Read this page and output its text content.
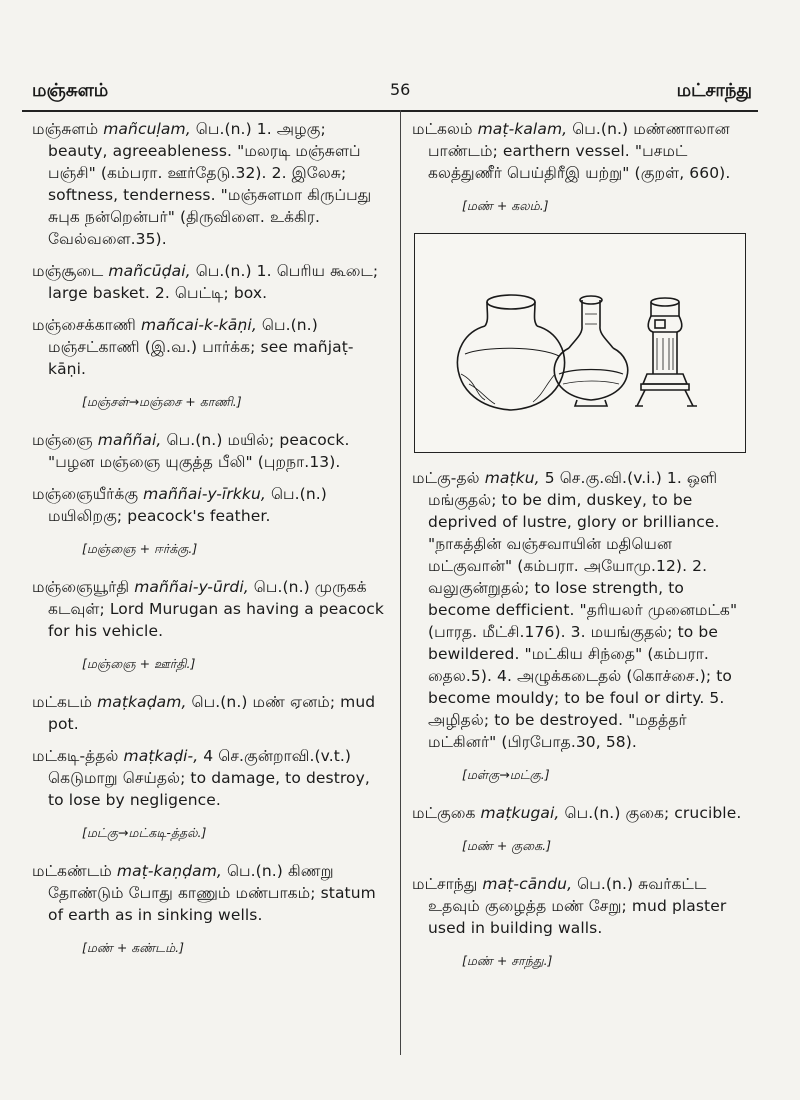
மஞ்சுளம்	56	மட்சாந்து

மஞ்சுளம் mañcuḷam, பெ.(n.) 1. அழகு; beauty, agreeableness. "மலரடி மஞ்சுளப் பஞ்சி" (கம்பரா. ஊர்தேடு.32). 2. இலேசு; softness, tenderness. "மஞ்சுளமா கிருப்பது சுபுக நன்றென்பர்" (திருவிளை. உக்கிர. வேல்வளை.35).

மஞ்சூடை mañcūḍai, பெ.(n.) 1. பெரிய கூடை; large basket. 2. பெட்டி; box.

மஞ்சைக்காணி mañcai-k-kāṇi, பெ.(n.) மஞ்சட்காணி (இ.வ.) பார்க்க; see mañjaṭ-kāṇi.

[மஞ்சள்→மஞ்சை + காணி.]

மஞ்ஞை maññai, பெ.(n.) மயில்; peacock. "பழன மஞ்ஞை யுகுத்த பீலி" (புறநா.13).

மஞ்ஞையீர்க்கு maññai-y-īrkku, பெ.(n.) மயிலிறகு; peacock's feather.

[மஞ்ஞை + ஈர்க்கு.]

மஞ்ஞையூர்தி maññai-y-ūrdi, பெ.(n.) முருகக் கடவுள்; Lord Murugan as having a peacock for his vehicle.

[மஞ்ஞை + ஊர்தி.]

மட்கடம் maṭkaḍam, பெ.(n.) மண் ஏனம்; mud pot.

மட்கடி-த்தல் maṭkaḍi-, 4 செ.குன்றாவி.(v.t.) கெடுமாறு செய்தல்; to damage, to destroy, to lose by negligence.

[மட்கு→மட்கடி-த்தல்.]

மட்கண்டம் maṭ-kaṇḍam, பெ.(n.) கிணறு தோண்டும் போது காணும் மண்பாகம்; statum of earth as in sinking wells.

[மண் + கண்டம்.]

மட்கலம் maṭ-kalam, பெ.(n.) மண்ணாலான பாண்டம்; earthern vessel. "பசமட் கலத்துணீர் பெய்திரீஇ யற்று" (குறள், 660).

[மண் + கலம்.]

மட்கு-தல் maṭku, 5 செ.கு.வி.(v.i.) 1. ஒளி மங்குதல்; to be dim, duskey, to be deprived of lustre, glory or brilliance. "நாகத்தின் வஞ்சவாயின் மதியென மட்குவான்" (கம்பரா. அயோமு.12). 2. வலுகுன்றுதல்; to lose strength, to become defficient. "தரியலர் முனைமட்க" (பாரத. மீட்சி.176). 3. மயங்குதல்; to be bewildered. "மட்கிய சிந்தை" (கம்பரா. தைல.5). 4. அழுக்கடைதல் (கொச்சை.); to become mouldy; to be foul or dirty. 5. அழிதல்; to be destroyed. "மதத்தர் மட்கினர்" (பிரபோத.30, 58).

[மள்கு→மட்கு.]

மட்குகை maṭkugai, பெ.(n.) குகை; crucible.

[மண் + குகை.]

மட்சாந்து maṭ-cāndu, பெ.(n.) சுவர்கட்ட உதவும் குழைத்த மண் சேறு; mud plaster used in building walls.

[மண் + சாந்து.]
